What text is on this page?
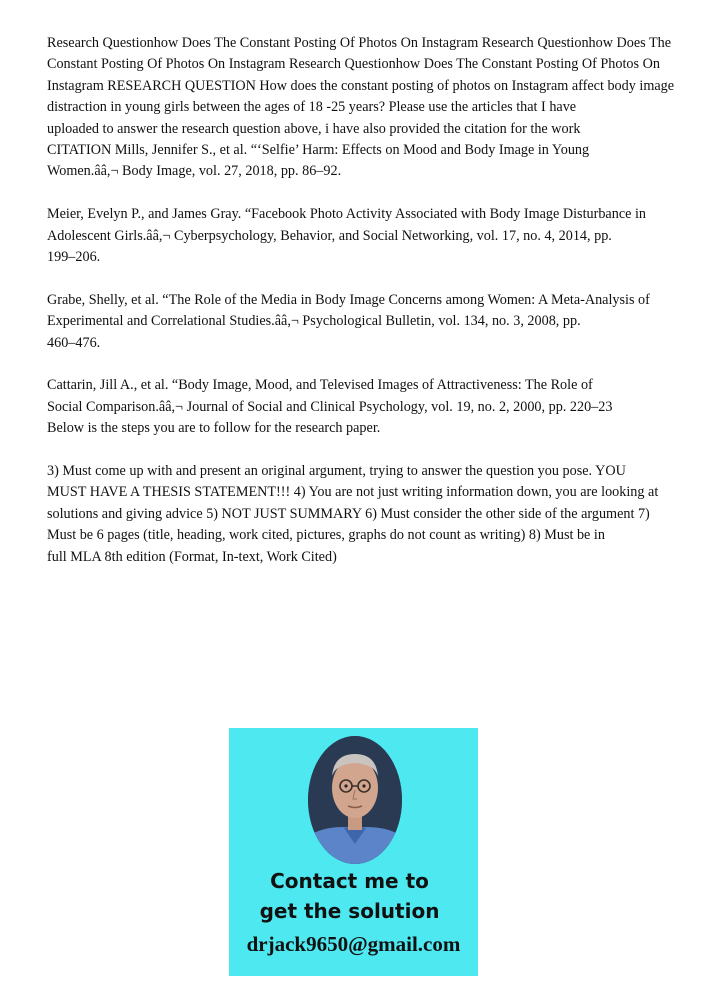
Research Questionhow Does The Constant Posting Of Photos On Instagram Research Questionhow Does The
Constant Posting Of Photos On Instagram Research Questionhow Does The Constant Posting Of Photos On
Instagram RESEARCH QUESTION How does the constant posting of photos on Instagram affect body image
distraction in young girls between the ages of 18 -25 years? Please use the articles that I have
uploaded to answer the research question above, i have also provided the citation for the work
CITATION Mills, Jennifer S., et al. “‘Selfie’ Harm: Effects on Mood and Body Image in Young
Women.ââ,¬ Body Image, vol. 27, 2018, pp. 86–92.

Meier, Evelyn P., and James Gray. “Facebook Photo Activity Associated with Body Image Disturbance in
Adolescent Girls.ââ,¬ Cyberpsychology, Behavior, and Social Networking, vol. 17, no. 4, 2014, pp.
199–206.

Grabe, Shelly, et al. “The Role of the Media in Body Image Concerns among Women: A Meta-Analysis of
Experimental and Correlational Studies.ââ,¬ Psychological Bulletin, vol. 134, no. 3, 2008, pp.
460–476.

Cattarin, Jill A., et al. “Body Image, Mood, and Televised Images of Attractiveness: The Role of
Social Comparison.ââ,¬ Journal of Social and Clinical Psychology, vol. 19, no. 2, 2000, pp. 220–23
Below is the steps you are to follow for the research paper.

3) Must come up with and present an original argument, trying to answer the question you pose. YOU
MUST HAVE A THESIS STATEMENT!!! 4) You are not just writing information down, you are looking at
solutions and giving advice 5) NOT JUST SUMMARY 6) Must consider the other side of the argument 7)
Must be 6 pages (title, heading, work cited, pictures, graphs do not count as writing) 8) Must be in
full MLA 8th edition (Format, In-text, Work Cited)

Contact me to
get the solution
drjack9650@gmail.com
